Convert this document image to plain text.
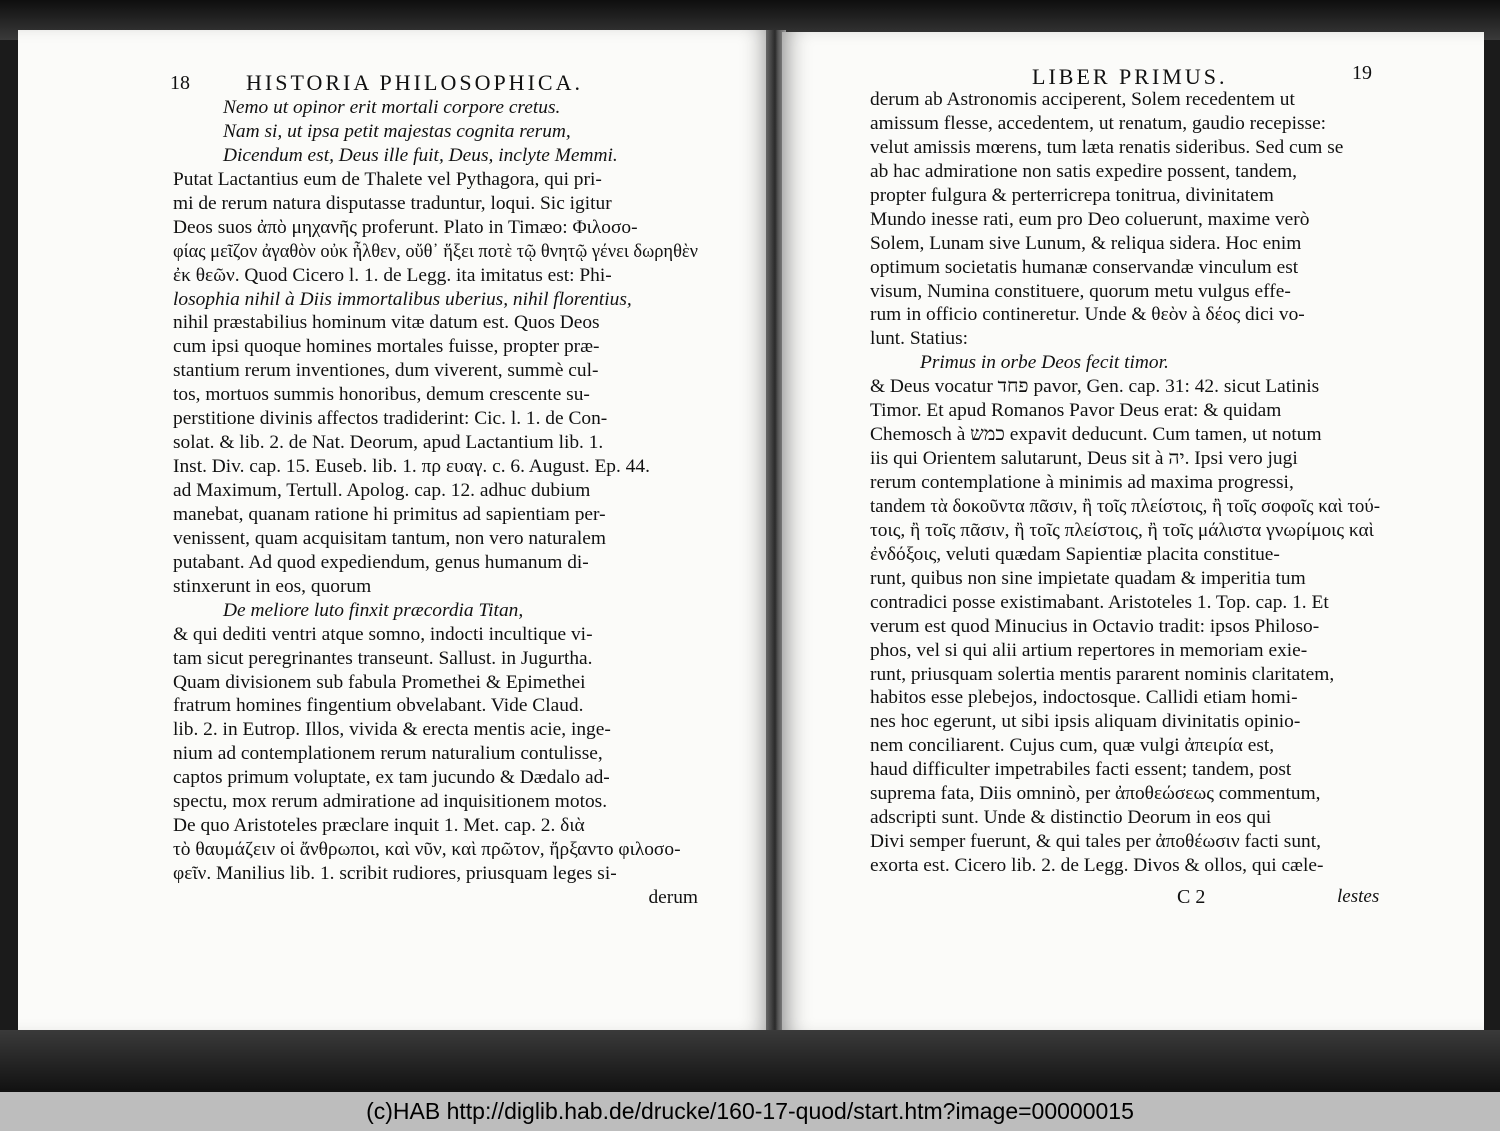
18	HISTORIA PHILOSOPHICA.
Nemo ut opinor erit mortali corpore cretus.
Nam si, ut ipsa petit majestas cognita rerum,
Dicendum est, Deus ille fuit, Deus, inclyte Memmi.
Putat Lactantius eum de Thalete vel Pythagora, qui pri-
mi de rerum natura disputasse traduntur, loqui. Sic igitur
Deos suos ἀπὸ μηχανῆς proferunt. Plato in Timæo: Φιλοσο-
φίας μεῖζον ἀγαθὸν οὐκ ἦλθεν, οὔθ᾽ ἥξει ποτὲ τῷ θνητῷ γένει δωρηθὲν
ἐκ θεῶν. Quod Cicero l. 1. de Legg. ita imitatus est: Phi-
losophia nihil à Diis immortalibus uberius, nihil florentius,
nihil præstabilius hominum vitæ datum est. Quos Deos
cum ipsi quoque homines mortales fuisse, propter præ-
stantium rerum inventiones, dum viverent, summè cul-
tos, mortuos summis honoribus, demum crescente su-
perstitione divinis affectos tradiderint: Cic. l. 1. de Con-
solat. & lib. 2. de Nat. Deorum, apud Lactantium lib. 1.
Inst. Div. cap. 15. Euseb. lib. 1. πρ ευαγ. c. 6. August. Ep. 44.
ad Maximum, Tertull. Apolog. cap. 12. adhuc dubium
manebat, quanam ratione hi primitus ad sapientiam per-
venissent, quam acquisitam tantum, non vero naturalem
putabant. Ad quod expediendum, genus humanum di-
stinxerunt in eos, quorum
De meliore luto finxit præcordia Titan,
& qui dediti ventri atque somno, indocti incultique vi-
tam sicut peregrinantes transeunt. Sallust. in Jugurtha.
Quam divisionem sub fabula Promethei & Epimethei
fratrum homines fingentium obvelabant. Vide Claud.
lib. 2. in Eutrop. Illos, vivida & erecta mentis acie, inge-
nium ad contemplationem rerum naturalium contulisse,
captos primum voluptate, ex tam jucundo & Dædalo ad-
spectu, mox rerum admiratione ad inquisitionem motos.
De quo Aristoteles præclare inquit 1. Met. cap. 2. διὰ
τὸ θαυμάζειν οἱ ἄνθρωποι, καὶ νῦν, καὶ πρῶτον, ἤρξαντο φιλοσο-
φεῖν. Manilius lib. 1. scribit rudiores, priusquam leges si-
derum
LIBER PRIMUS.	19
derum ab Astronomis acciperent, Solem recedentem ut
amissum flesse, accedentem, ut renatum, gaudio recepisse:
velut amissis mœrens, tum læta renatis sideribus. Sed cum se
ab hac admiratione non satis expedire possent, tandem,
propter fulgura & perterricrepa tonitrua, divinitatem
Mundo inesse rati, eum pro Deo coluerunt, maxime verò
Solem, Lunam sive Lunum, & reliqua sidera. Hoc enim
optimum societatis humanæ conservandæ vinculum est
visum, Numina constituere, quorum metu vulgus effe-
rum in officio contineretur. Unde & θεὸν à δέος dici vo-
lunt. Statius:
Primus in orbe Deos fecit timor.
& Deus vocatur פחד pavor, Gen. cap. 31: 42. sicut Latinis
Timor. Et apud Romanos Pavor Deus erat: & quidam
Chemosch à כמש expavit deducunt. Cum tamen, ut notum
iis qui Orientem salutarunt, Deus sit à יה. Ipsi vero jugi
rerum contemplatione à minimis ad maxima progressi,
tandem τὰ δοκοῦντα πᾶσιν, ἢ τοῖς πλείστοις, ἢ τοῖς σοφοῖς καὶ τού-
τοις, ἢ τοῖς πᾶσιν, ἢ τοῖς πλείστοις, ἢ τοῖς μάλιστα γνωρίμοις καὶ
ἐνδόξοις, veluti quædam Sapientiæ placita constitue-
runt, quibus non sine impietate quadam & imperitia tum
contradici posse existimabant. Aristoteles 1. Top. cap. 1. Et
verum est quod Minucius in Octavio tradit: ipsos Philoso-
phos, vel si qui alii artium repertores in memoriam exie-
runt, priusquam solertia mentis pararent nominis claritatem,
habitos esse plebejos, indoctosque. Callidi etiam homi-
nes hoc egerunt, ut sibi ipsis aliquam divinitatis opinio-
nem conciliarent. Cujus cum, quæ vulgi ἀπειρία est,
haud difficulter impetrabiles facti essent; tandem, post
suprema fata, Diis omninò, per ἀποθεώσεως commentum,
adscripti sunt. Unde & distinctio Deorum in eos qui
Divi semper fuerunt, & qui tales per ἀποθέωσιν facti sunt,
exorta est. Cicero lib. 2. de Legg. Divos & ollos, qui cæle-
C 2	lestes
(c)HAB http://diglib.hab.de/drucke/160-17-quod/start.htm?image=00000015
